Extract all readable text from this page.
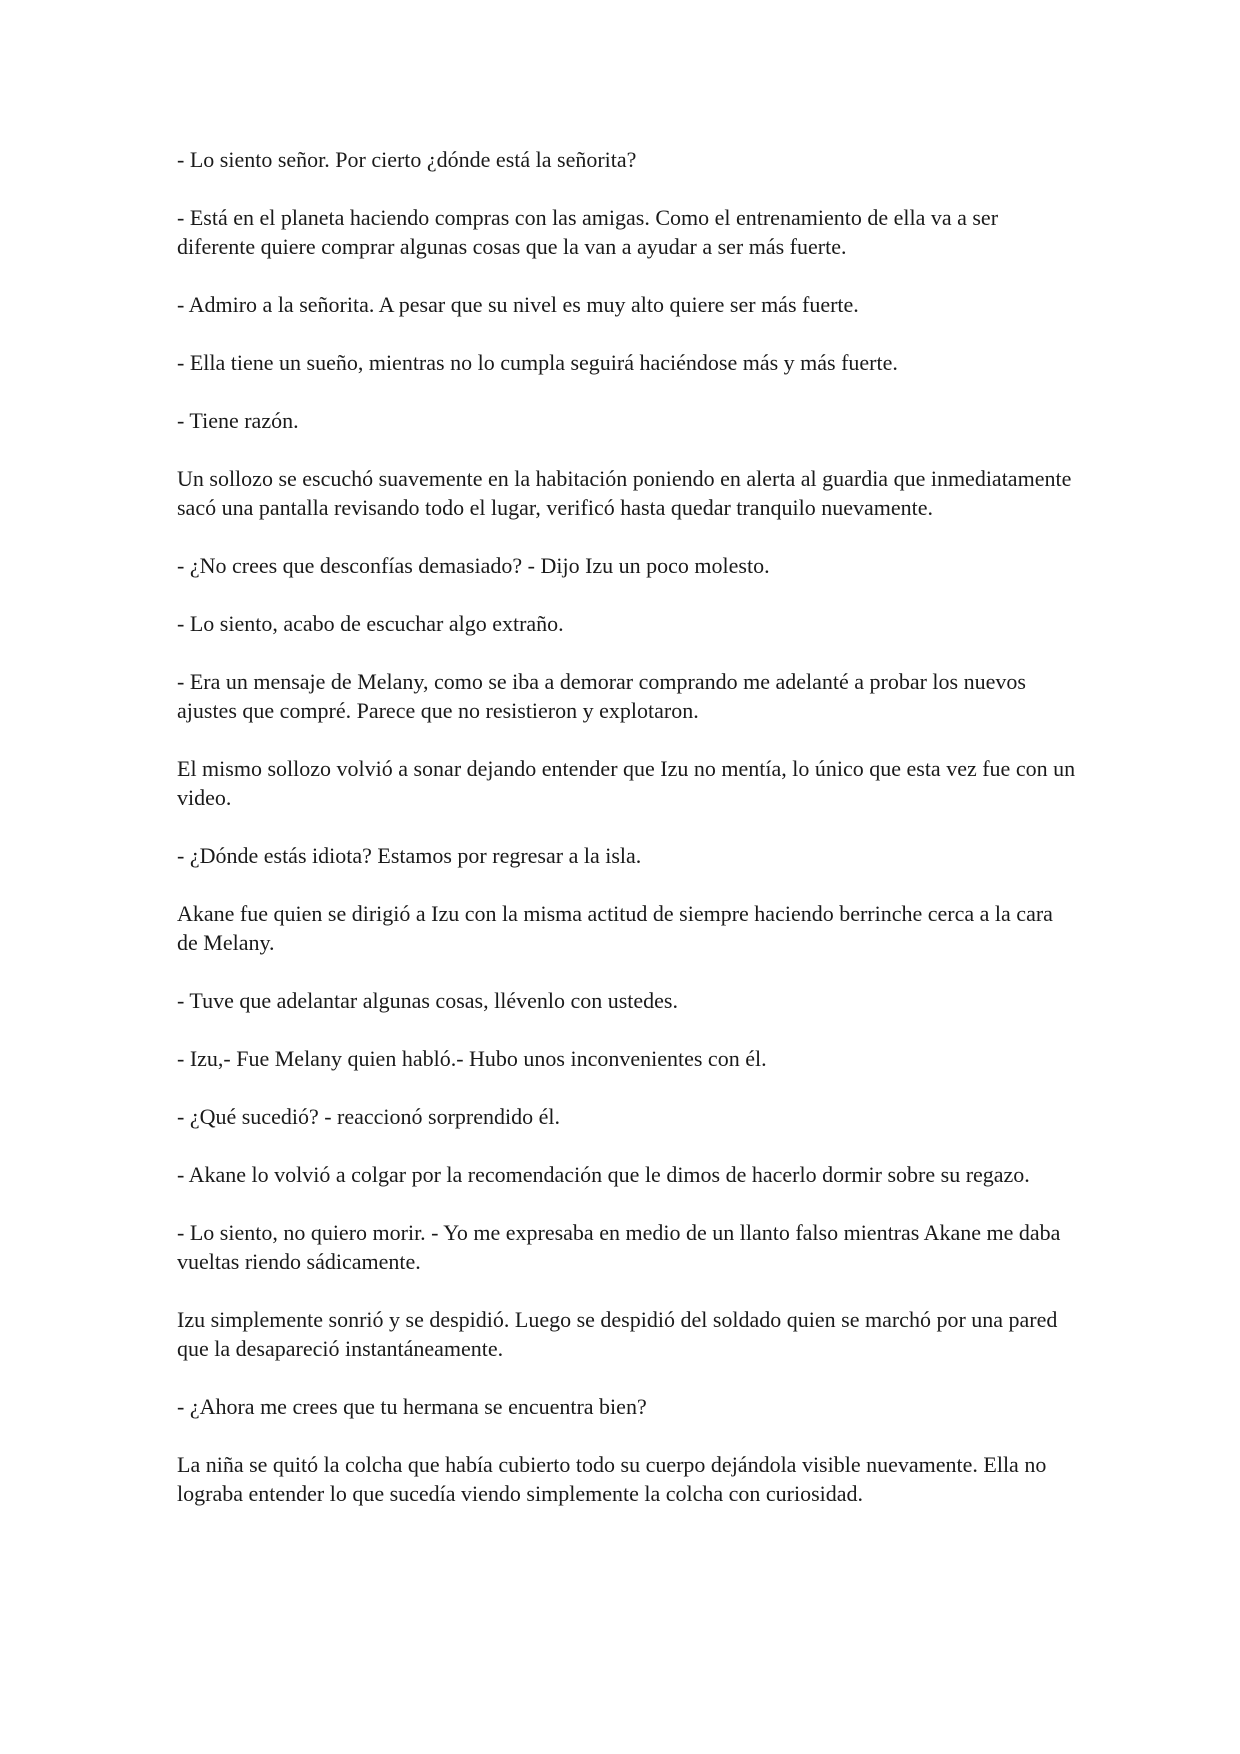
- Lo siento señor. Por cierto ¿dónde está la señorita?

- Está en el planeta haciendo compras con las amigas. Como el entrenamiento de ella va a ser diferente quiere comprar algunas cosas que la van a ayudar a ser más fuerte.

- Admiro a la señorita. A pesar que su nivel es muy alto quiere ser más fuerte.

- Ella tiene un sueño, mientras no lo cumpla seguirá haciéndose más y más fuerte.

- Tiene razón.

Un sollozo se escuchó suavemente en la habitación poniendo en alerta al guardia que inmediatamente sacó una pantalla revisando todo el lugar, verificó hasta quedar tranquilo nuevamente.

- ¿No crees que desconfías demasiado? - Dijo Izu un poco molesto.

- Lo siento, acabo de escuchar algo extraño.

- Era un mensaje de Melany, como se iba a demorar comprando me adelanté a probar los nuevos ajustes que compré. Parece que no resistieron y explotaron.

El mismo sollozo volvió a sonar dejando entender que Izu no mentía, lo único que esta vez fue con un video.

- ¿Dónde estás idiota? Estamos por regresar a la isla.

Akane fue quien se dirigió a Izu con la misma actitud de siempre haciendo berrinche cerca a la cara de Melany.

- Tuve que adelantar algunas cosas, llévenlo con ustedes.

- Izu,- Fue Melany quien habló.- Hubo unos inconvenientes con él.

- ¿Qué sucedió? - reaccionó sorprendido él.

- Akane lo volvió a colgar por la recomendación que le dimos de hacerlo dormir sobre su regazo.

- Lo siento, no quiero morir. - Yo me expresaba en medio de un llanto falso mientras Akane me daba vueltas riendo sádicamente.

Izu simplemente sonrió y se despidió. Luego se despidió del soldado quien se marchó por una pared que la desapareció instantáneamente.

- ¿Ahora me crees que tu hermana se encuentra bien?

La niña se quitó la colcha que había cubierto todo su cuerpo dejándola visible nuevamente. Ella no lograba entender lo que sucedía viendo simplemente la colcha con curiosidad.
